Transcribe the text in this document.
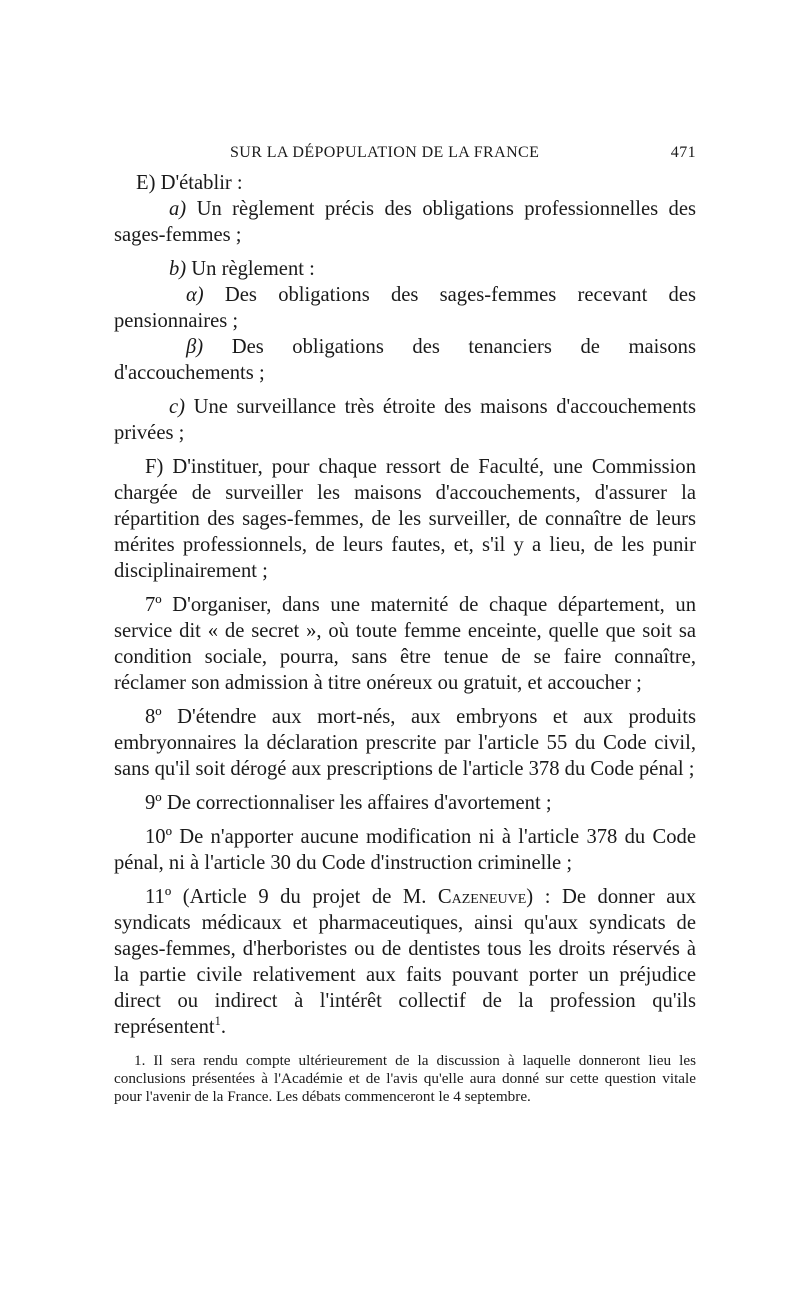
SUR LA DÉPOPULATION DE LA FRANCE	471

E) D'établir :

a) Un règlement précis des obligations professionnelles des sages-femmes ;

b) Un règlement :

α) Des obligations des sages-femmes recevant des pensionnaires ;

β) Des obligations des tenanciers de maisons d'accouchements ;

c) Une surveillance très étroite des maisons d'accouchements privées ;

F) D'instituer, pour chaque ressort de Faculté, une Commission chargée de surveiller les maisons d'accouchements, d'assurer la répartition des sages-femmes, de les surveiller, de connaître de leurs mérites professionnels, de leurs fautes, et, s'il y a lieu, de les punir disciplinairement ;

7º D'organiser, dans une maternité de chaque département, un service dit « de secret », où toute femme enceinte, quelle que soit sa condition sociale, pourra, sans être tenue de se faire connaître, réclamer son admission à titre onéreux ou gratuit, et accoucher ;

8º D'étendre aux mort-nés, aux embryons et aux produits embryonnaires la déclaration prescrite par l'article 55 du Code civil, sans qu'il soit dérogé aux prescriptions de l'article 378 du Code pénal ;

9º De correctionnaliser les affaires d'avortement ;

10º De n'apporter aucune modification ni à l'article 378 du Code pénal, ni à l'article 30 du Code d'instruction criminelle ;

11º (Article 9 du projet de M. Cazeneuve) : De donner aux syndicats médicaux et pharmaceutiques, ainsi qu'aux syndicats de sages-femmes, d'herboristes ou de dentistes tous les droits réservés à la partie civile relativement aux faits pouvant porter un préjudice direct ou indirect à l'intérêt collectif de la profession qu'ils représentent$^1$.

1. Il sera rendu compte ultérieurement de la discussion à laquelle donneront lieu les conclusions présentées à l'Académie et de l'avis qu'elle aura donné sur cette question vitale pour l'avenir de la France. Les débats commenceront le 4 septembre.
